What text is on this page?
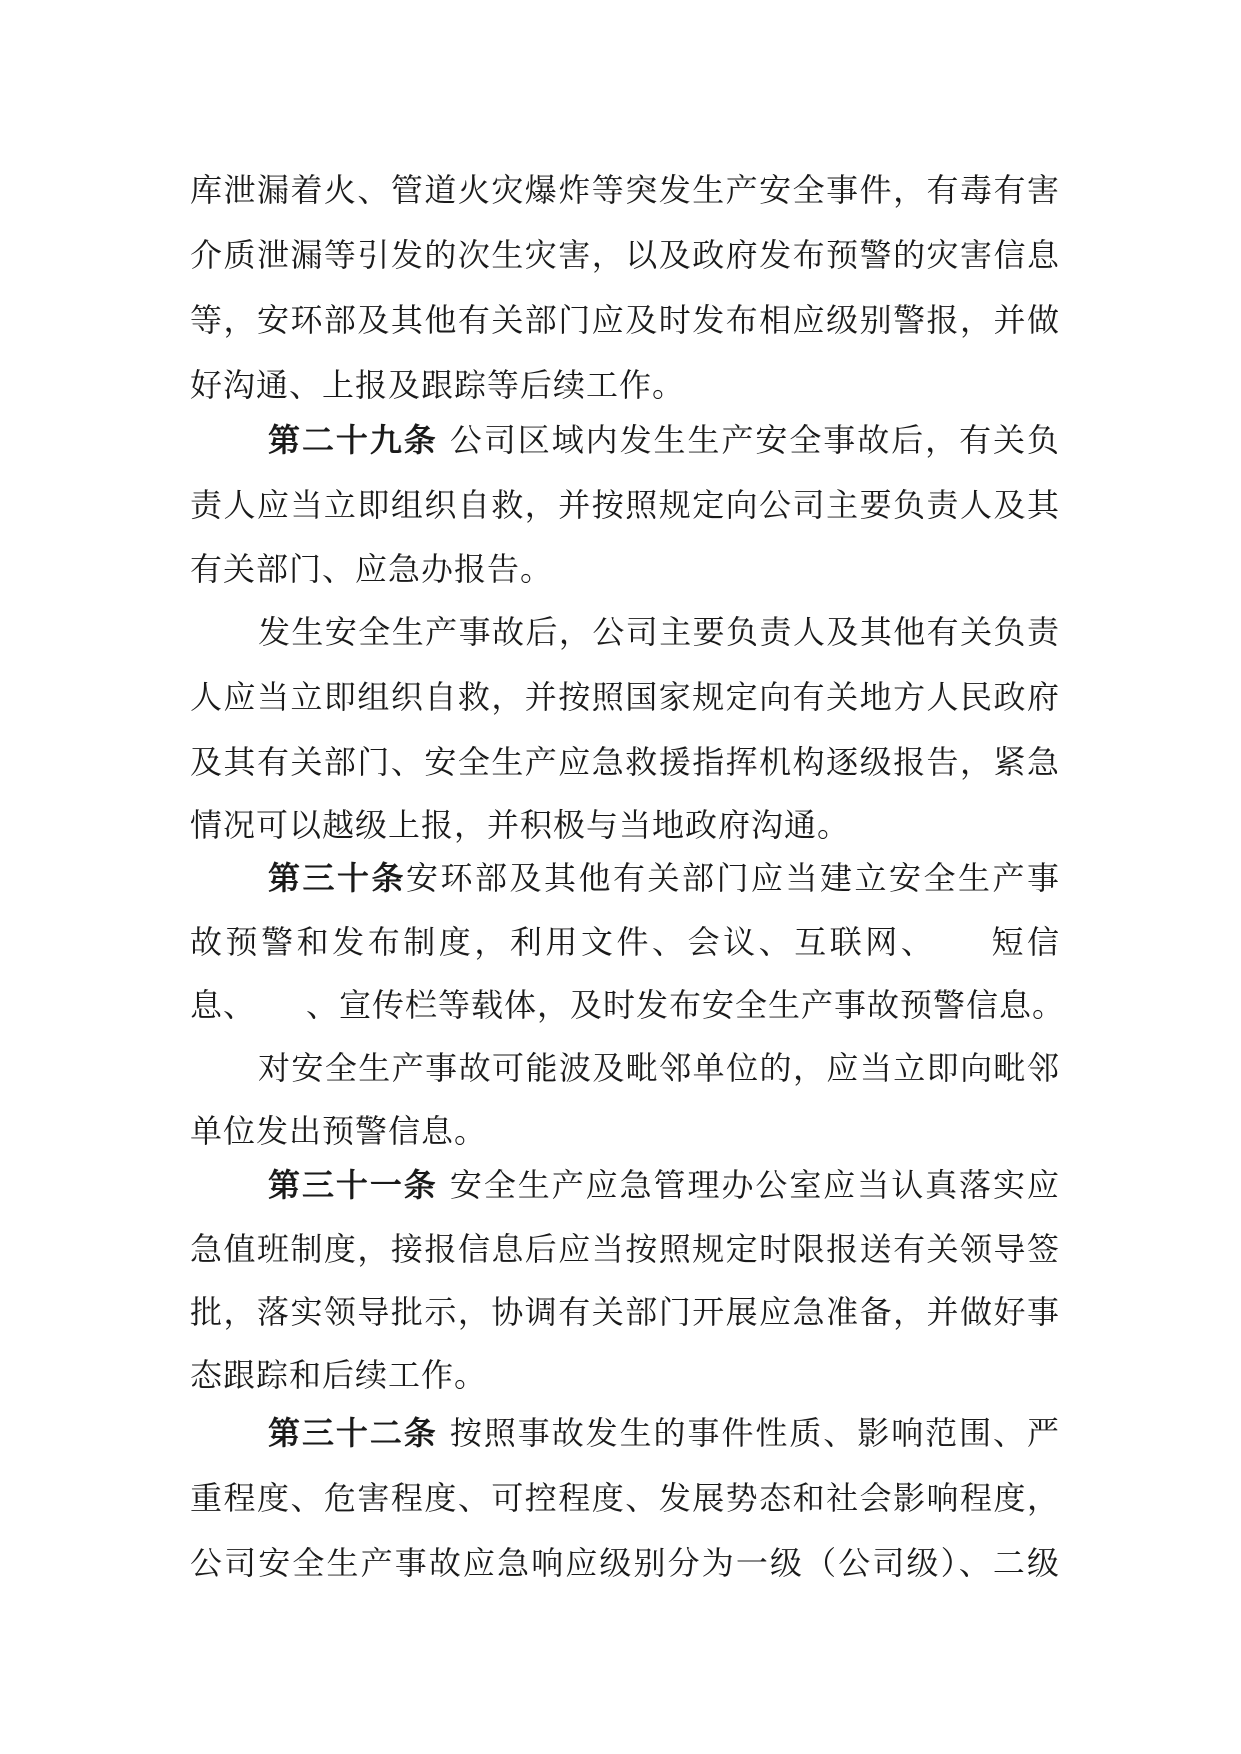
库泄漏着火、管道火灾爆炸等突发生产安全事件，有毒有害
介质泄漏等引发的次生灾害，以及政府发布预警的灾害信息
等，安环部及其他有关部门应及时发布相应级别警报，并做
好沟通、上报及跟踪等后续工作。
第二十九条 公司区域内发生生产安全事故后，有关负
责人应当立即组织自救，并按照规定向公司主要负责人及其
有关部门、应急办报告。
发生安全生产事故后，公司主要负责人及其他有关负责
人应当立即组织自救，并按照国家规定向有关地方人民政府
及其有关部门、安全生产应急救援指挥机构逐级报告，紧急
情况可以越级上报，并积极与当地政府沟通。
第三十条安环部及其他有关部门应当建立安全生产事
故预警和发布制度，利用文件、会议、互联网、　　短信
息、　　、宣传栏等载体，及时发布安全生产事故预警信息。
对安全生产事故可能波及毗邻单位的，应当立即向毗邻
单位发出预警信息。
第三十一条 安全生产应急管理办公室应当认真落实应
急值班制度，接报信息后应当按照规定时限报送有关领导签
批，落实领导批示，协调有关部门开展应急准备，并做好事
态跟踪和后续工作。
第三十二条 按照事故发生的事件性质、影响范围、严
重程度、危害程度、可控程度、发展势态和社会影响程度，
公司安全生产事故应急响应级别分为一级（公司级）、二级
